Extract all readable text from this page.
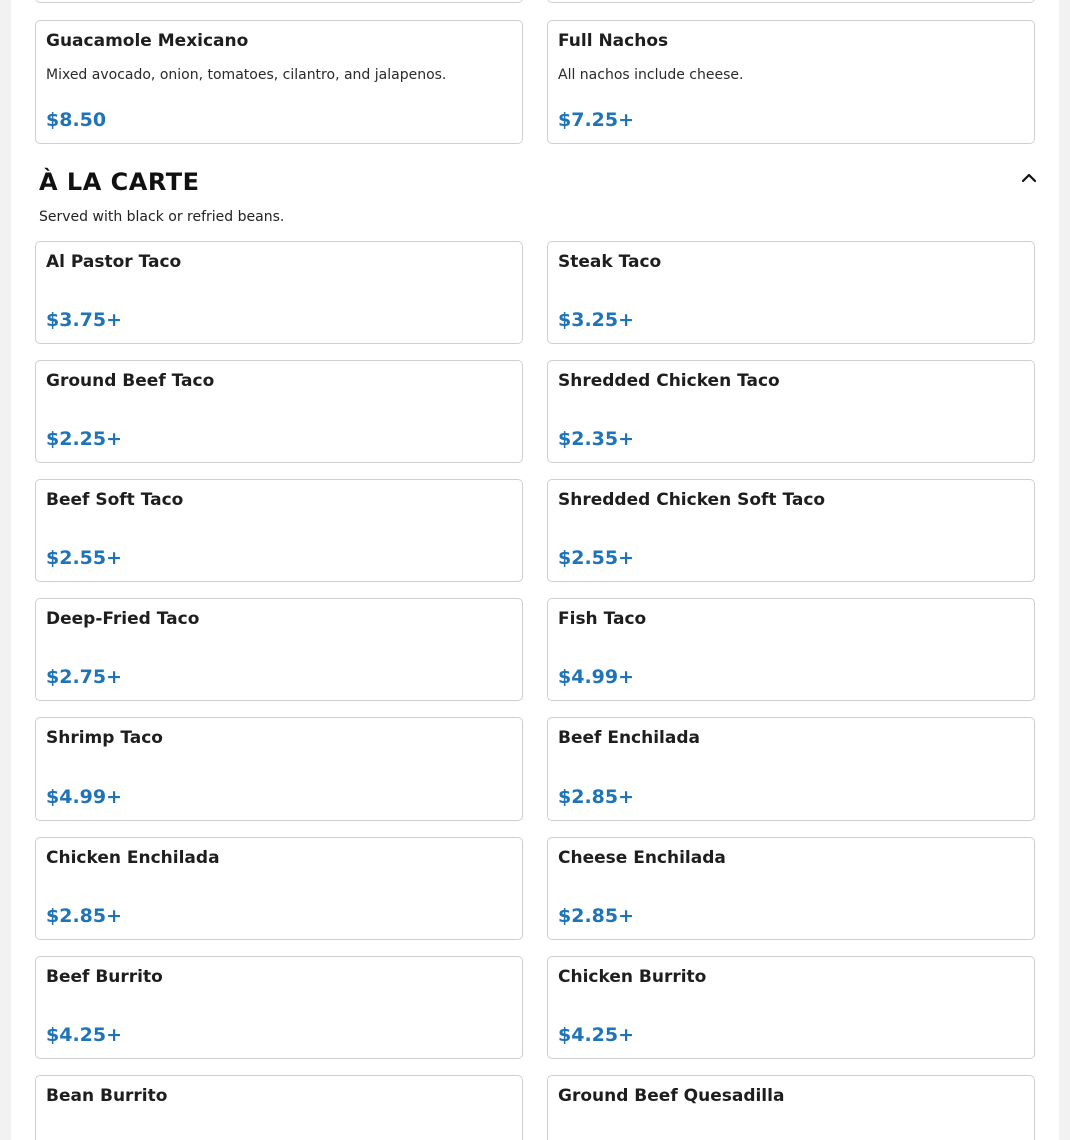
Guacamole Mexicano
Mixed avocado, onion, tomatoes, cilantro, and jalapenos.
$8.50
Full Nachos
All nachos include cheese.
$7.25+
À LA CARTE
Served with black or refried beans.
Al Pastor Taco
$3.75+
Steak Taco
$3.25+
Ground Beef Taco
$2.25+
Shredded Chicken Taco
$2.35+
Beef Soft Taco
$2.55+
Shredded Chicken Soft Taco
$2.55+
Deep-Fried Taco
$2.75+
Fish Taco
$4.99+
Shrimp Taco
$4.99+
Beef Enchilada
$2.85+
Chicken Enchilada
$2.85+
Cheese Enchilada
$2.85+
Beef Burrito
$4.25+
Chicken Burrito
$4.25+
Bean Burrito	Ground Beef Quesadilla
